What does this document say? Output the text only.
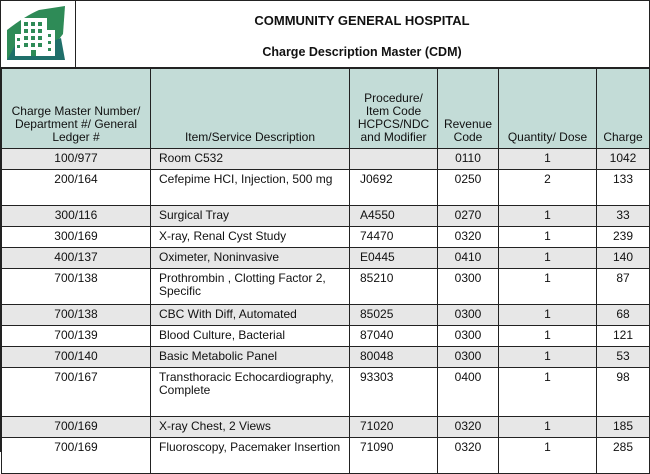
COMMUNITY GENERAL HOSPITAL
Charge Description Master (CDM)
Charge Master Number/ Department #/ General Ledger #	Item/Service Description	Procedure/ Item Code HCPCS/NDC and Modifier	Revenue Code	Quantity/ Dose	Charge
100/977	Room C532		0110	1	1042
200/164	Cefepime HCI, Injection, 500 mg	J0692	0250	2	133
300/116	Surgical Tray	A4550	0270	1	33
300/169	X-ray, Renal Cyst Study	74470	0320	1	239
400/137	Oximeter, Noninvasive	E0445	0410	1	140
700/138	Prothrombin , Clotting Factor 2, Specific	85210	0300	1	87
700/138	CBC With Diff, Automated	85025	0300	1	68
700/139	Blood Culture, Bacterial	87040	0300	1	121
700/140	Basic Metabolic Panel	80048	0300	1	53
700/167	Transthoracic Echocardiography, Complete	93303	0400	1	98
700/169	X-ray Chest, 2 Views	71020	0320	1	185
700/169	Fluoroscopy, Pacemaker Insertion	71090	0320	1	285
